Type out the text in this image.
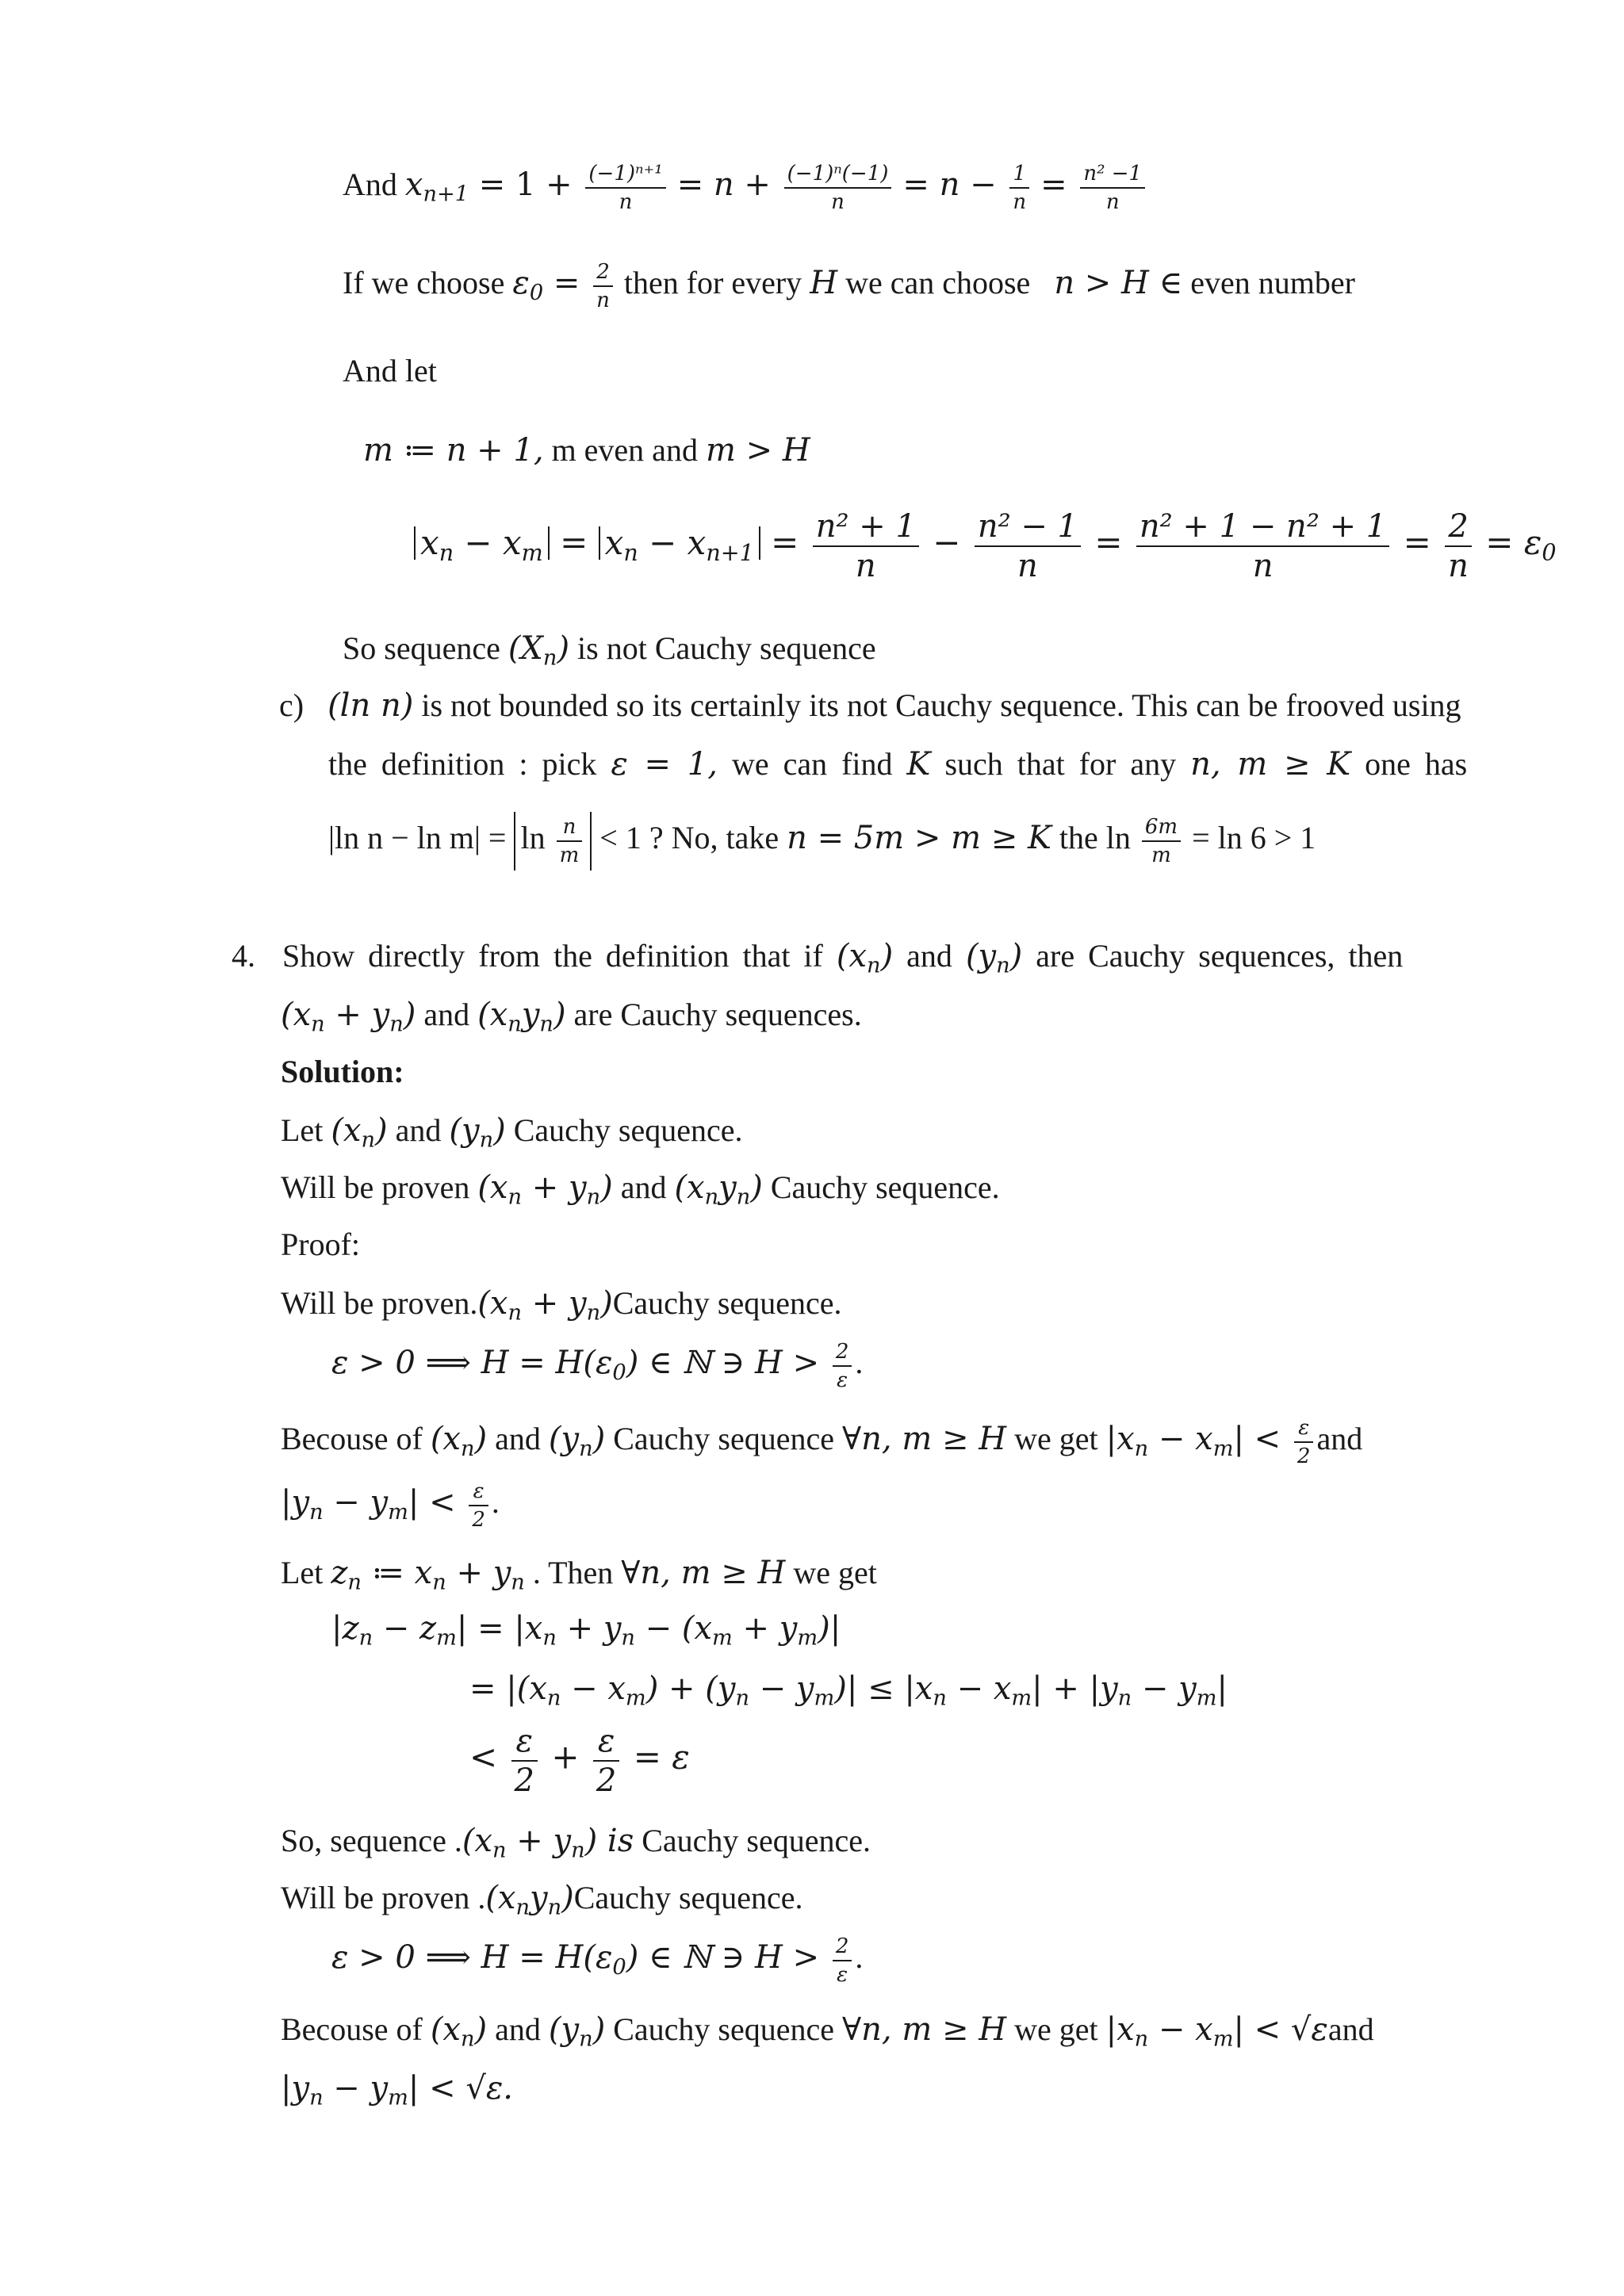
And $x_{n+1} = 1 + \frac{\text{(−1)ⁿ⁺¹}}{n} = n + \frac{\text{(−1)ⁿ(−1)}}{n} = n - \frac{1}{n} = \frac{\text{n² −1}}{n}$
If we choose $\varepsilon_0 = \frac{2}{n}$ then for every H we can choose   n > H ∈ even number
And let
m ≔ n + 1, m even and m > H
$x_n - x_m = x_n - x_{n+1} = \frac{\text{n² + 1}}{n} - \frac{\text{n² − 1}}{n} = \frac{\text{n² + 1 − n² + 1}}{n} = \frac{2}{n} = \varepsilon_0$
So sequence $(X_n)$ is not Cauchy sequence
c) (ln n) is not bounded so its certainly its not Cauchy sequence. This can be frooved using
the definition : pick ε = 1, we can find K such that for any n, m ≥ K one has
|ln $n - \ln m| = \ln \frac{n}{m} < 1$ ? No, take n = 5m > m ≥ K the $\ln \frac{6m}{m} = \ln 6 > 1$
4. Show directly from the definition that if $(x_n)$ and $(y_n)$ are Cauchy sequences, then
$(x_n + y_n)$ and $(x_ny_n)$ are Cauchy sequences.
Solution:
Let $(x_n)$ and $(y_n)$ Cauchy sequence.
Will be proven $(x_n + y_n)$ and $(x_ny_n)$ Cauchy sequence.
Proof:
Will be $proven.(x_n$ + $y_n)Cauchy$ sequence.
ε > 0 ⟹ $H = H(\varepsilon_0)$ ∈ ℕ ∋ $H > \frac{2}{\varepsilon}$ .
Becouse of $(x_n)$ and $(y_n)$ Cauchy sequence ∀n, m ≥ H we get $|x_n - x_m| < \frac{\varepsilon}{2}$ and
$|y_n - y_m| < \frac{\varepsilon}{2}$ .
Let $z_n$ ≔ $x_n + y_n$ . Then ∀n, m ≥ H we get
$|z_n - z_m| = |x_n + y_n - (x_m + y_m)|$
= $|(x_n - x_m) + (y_n - y_m)| \le |x_n - x_m| + |y_n - y_m|$
< $\frac{\varepsilon}{2} + \frac{\varepsilon}{2} = \varepsilon$
So, sequence $.(x_n + y_n)$ is Cauchy sequence.
Will be proven $.(x_ny_n)Cauchy$ sequence.
ε > 0 ⟹ $H = H(\varepsilon_0)$ ∈ ℕ ∋ $H > \frac{2}{\varepsilon}$ .
Becouse of $(x_n)$ and $(y_n)$ Cauchy sequence ∀n, m ≥ H we get $|x_n - x_m| < √\varepsilon and$
$|y_n - y_m| < √\varepsilon$.
